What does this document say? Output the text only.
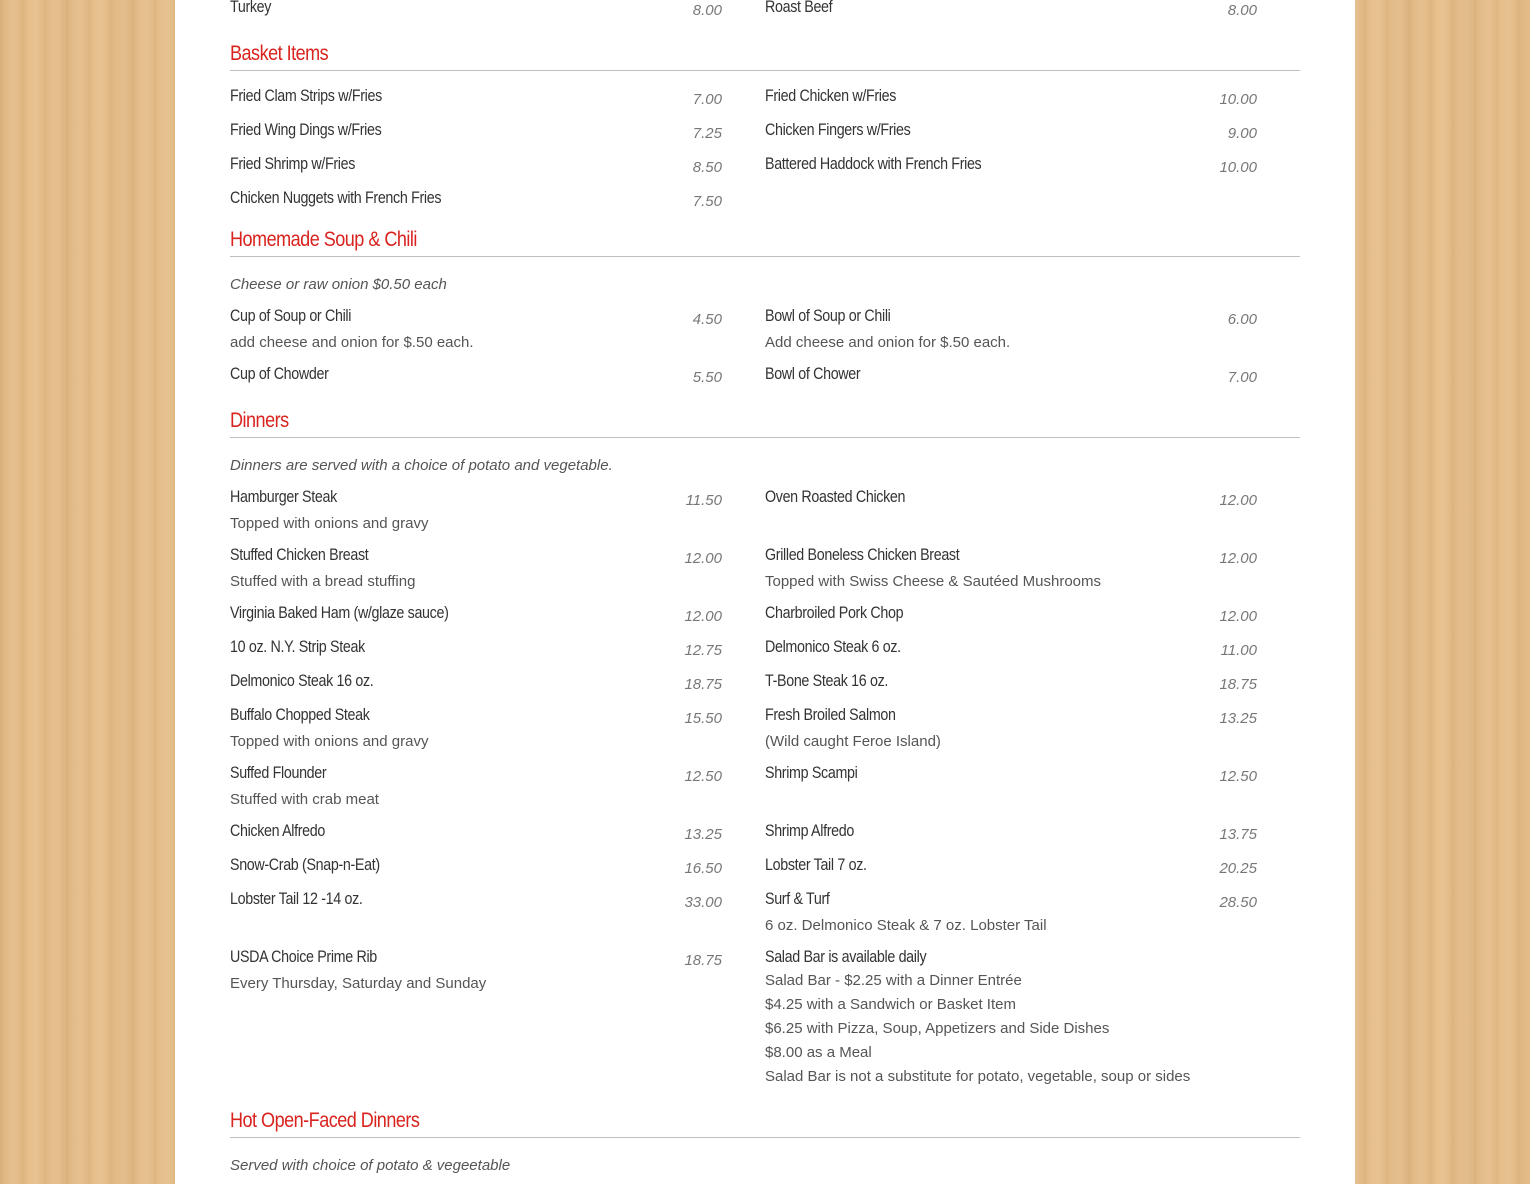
Turkey	8.00	Roast Beef	8.00
Basket Items
Fried Clam Strips w/Fries	7.00
Fried Wing Dings w/Fries	7.25
Fried Shrimp w/Fries	8.50
Chicken Nuggets with French Fries	7.50
Fried Chicken w/Fries	10.00
Chicken Fingers w/Fries	9.00
Battered Haddock with French Fries	10.00
Homemade Soup & Chili
Cheese or raw onion $0.50 each
Cup of Soup or Chili	4.50
add cheese and onion for $.50 each.
Bowl of Soup or Chili	6.00
Add cheese and onion for $.50 each.
Cup of Chowder	5.50	Bowl of Chower	7.00
Dinners
Dinners are served with a choice of potato and vegetable.
Hamburger Steak	11.50
Topped with onions and gravy
Oven Roasted Chicken	12.00
Stuffed Chicken Breast	12.00
Stuffed with a bread stuffing
Grilled Boneless Chicken Breast	12.00
Topped with Swiss Cheese & Sautéed Mushrooms
Virginia Baked Ham (w/glaze sauce)	12.00	Charbroiled Pork Chop	12.00
10 oz. N.Y. Strip Steak	12.75	Delmonico Steak 6 oz.	11.00
Delmonico Steak 16 oz.	18.75	T-Bone Steak 16 oz.	18.75
Buffalo Chopped Steak	15.50
Topped with onions and gravy
Fresh Broiled Salmon	13.25
(Wild caught Feroe Island)
Suffed Flounder	12.50
Stuffed with crab meat
Shrimp Scampi	12.50
Chicken Alfredo	13.25	Shrimp Alfredo	13.75
Snow-Crab (Snap-n-Eat)	16.50	Lobster Tail 7 oz.	20.25
Lobster Tail 12 -14 oz.	33.00	Surf & Turf	28.50
6 oz. Delmonico Steak & 7 oz. Lobster Tail
USDA Choice Prime Rib	18.75
Every Thursday, Saturday and Sunday
Salad Bar is available daily
Salad Bar - $2.25 with a Dinner Entrée
$4.25 with a Sandwich or Basket Item
$6.25 with Pizza, Soup, Appetizers and Side Dishes
$8.00 as a Meal
Salad Bar is not a substitute for potato, vegetable, soup or sides
Hot Open-Faced Dinners
Served with choice of potato & vegeetable
